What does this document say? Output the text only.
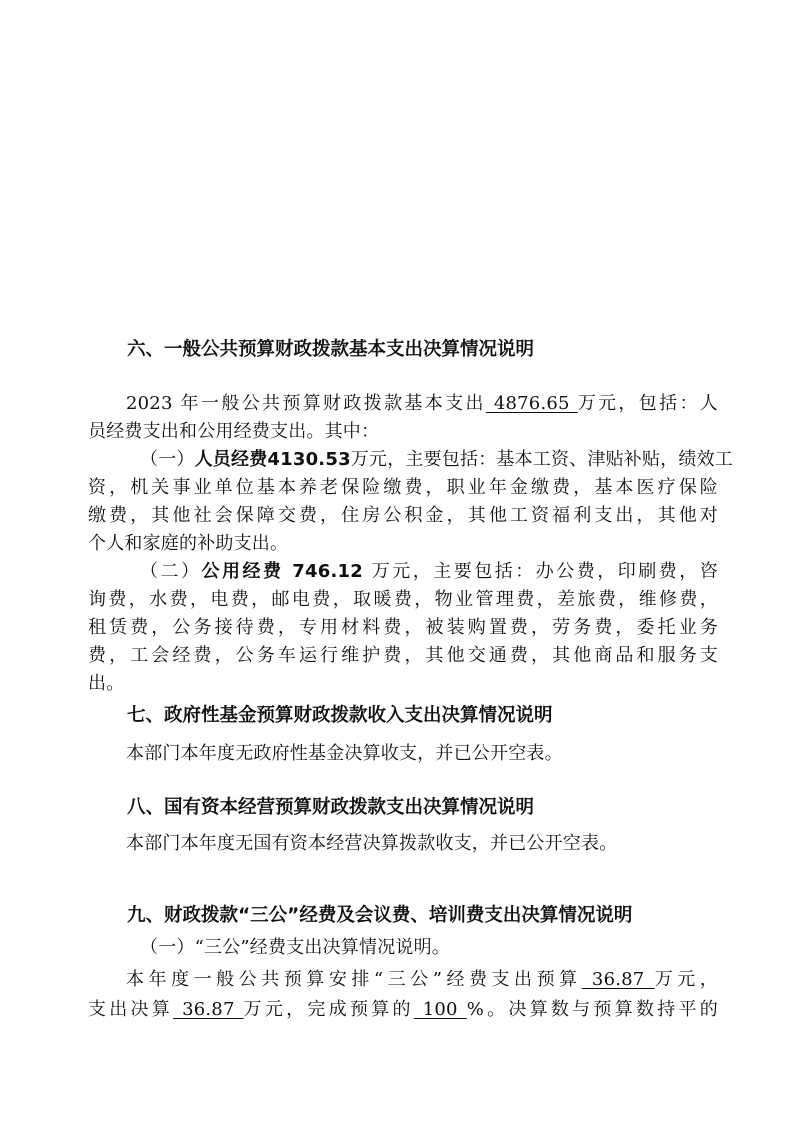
六、一般公共预算财政拨款基本支出决算情况说明
2023 年一般公共预算财政拨款基本支出 4876.65 万元，包括：人
员经费支出和公用经费支出。其中：
（一）人员经费4130.53万元，主要包括：基本工资、津贴补贴，绩效工
资，机关事业单位基本养老保险缴费，职业年金缴费，基本医疗保险
缴费，其他社会保障交费，住房公积金，其他工资福利支出，其他对
个人和家庭的补助支出。
（二）公用经费 746.12 万元，主要包括：办公费，印刷费，咨
询费，水费，电费，邮电费，取暖费，物业管理费，差旅费，维修费，
租赁费，公务接待费，专用材料费，被装购置费，劳务费，委托业务
费，工会经费，公务车运行维护费，其他交通费，其他商品和服务支
出。
七、政府性基金预算财政拨款收入支出决算情况说明
本部门本年度无政府性基金决算收支，并已公开空表。
八、国有资本经营预算财政拨款支出决算情况说明
本部门本年度无国有资本经营决算拨款收支，并已公开空表。
九、财政拨款“三公”经费及会议费、培训费支出决算情况说明
（一）“三公”经费支出决算情况说明。
本年度一般公共预算安排“三公”经费支出预算 36.87 万元，
支出决算 36.87 万元，完成预算的 100 %。决算数与预算数持平的
